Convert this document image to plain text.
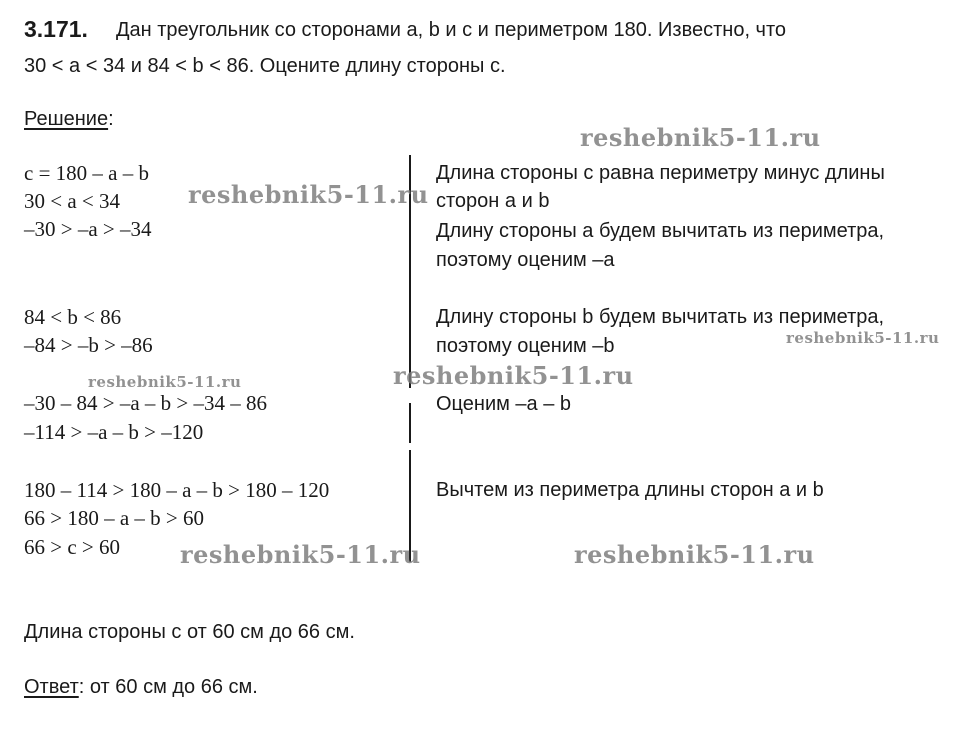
3.171. Дан треугольник со сторонами a, b и с и периметром 180. Известно, что
30 < а < 34 и 84 < b < 86. Оцените длину стороны с.
Решение:
с = 180 – а – b
30 < а < 34
–30 > –а > –34
84 < b < 86
–84 > –b > –86
–30 – 84 > –а – b > –34 – 86
–114 > –а – b > –120
180 – 114 > 180 – а – b > 180 – 120
66 > 180 – а – b > 60
66 > с > 60
Длина стороны с равна периметру минус длины
сторон a и b
Длину стороны а будем вычитать из периметра,
поэтому оценим –а
Длину стороны b будем вычитать из периметра,
поэтому оценим –b
Оценим –а – b
Вычтем из периметра длины сторон a и b
Длина стороны с от 60 см до 66 см.
Ответ: от 60 см до 66 см.
reshebnik5-11.ru
reshebnik5-11.ru
reshebnik5-11.ru
reshebnik5-11.ru
reshebnik5-11.ru
reshebnik5-11.ru	reshebnik5-11.ru
